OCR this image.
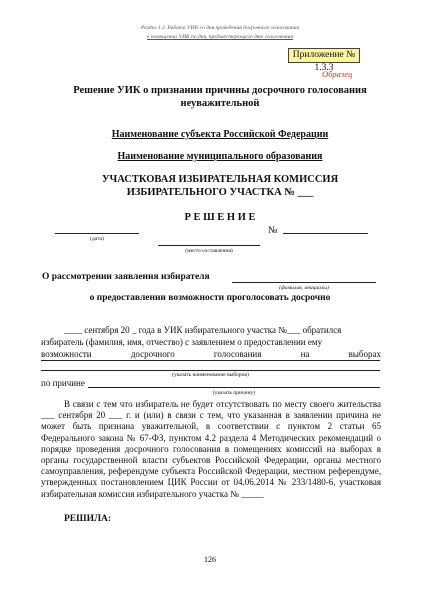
Раздел 1.3. Работа УИК со дня проведения досрочного голосования
в помещении УИК по дня, предшествующего дню голосования
Приложение № 1.3.3
Образец
Решение УИК о признании причины досрочного голосования неуважительной
Наименование субъекта Российской Федерации
Наименование муниципального образования
УЧАСТКОВАЯ ИЗБИРАТЕЛЬНАЯ КОМИССИЯ
ИЗБИРАТЕЛЬНОГО УЧАСТКА № ___
Р Е Ш Е Н И Е
(дата)
№
(место составления)
О рассмотрении заявления избирателя
(фамилия, инициалы)
о предоставлении возможности проголосовать досрочно
____ сентября 20 _ года в УИК избирательного участка №___ обратился
избиратель (фамилия, имя, отчество) с заявлением о предоставлении ему
возможности досрочного голосования на выборах
(указать наименование выборов)
по причине
(указать причину)
В связи с тем что избиратель не будет отсутствовать по месту своего жительства ___ сентября 20 ___ г. и (или) в связи с тем, что указанная в заявлении причина не может быть признана уважительной, в соответствии с пунктом 2 статьи 65 Федерального закона № 67-ФЗ, пунктом 4.2 раздела 4 Методических рекомендаций о порядке проведения досрочного голосования в помещениях комиссий на выборах в органы государственной власти субъектов Российской Федерации, органы местного самоуправления, референдуме субъекта Российской Федерации, местном референдуме, утвержденных постановлением ЦИК России от 04.06.2014 № 233/1480-6, участковая избирательная комиссия избирательного участка № _____
РЕШИЛА:
126
